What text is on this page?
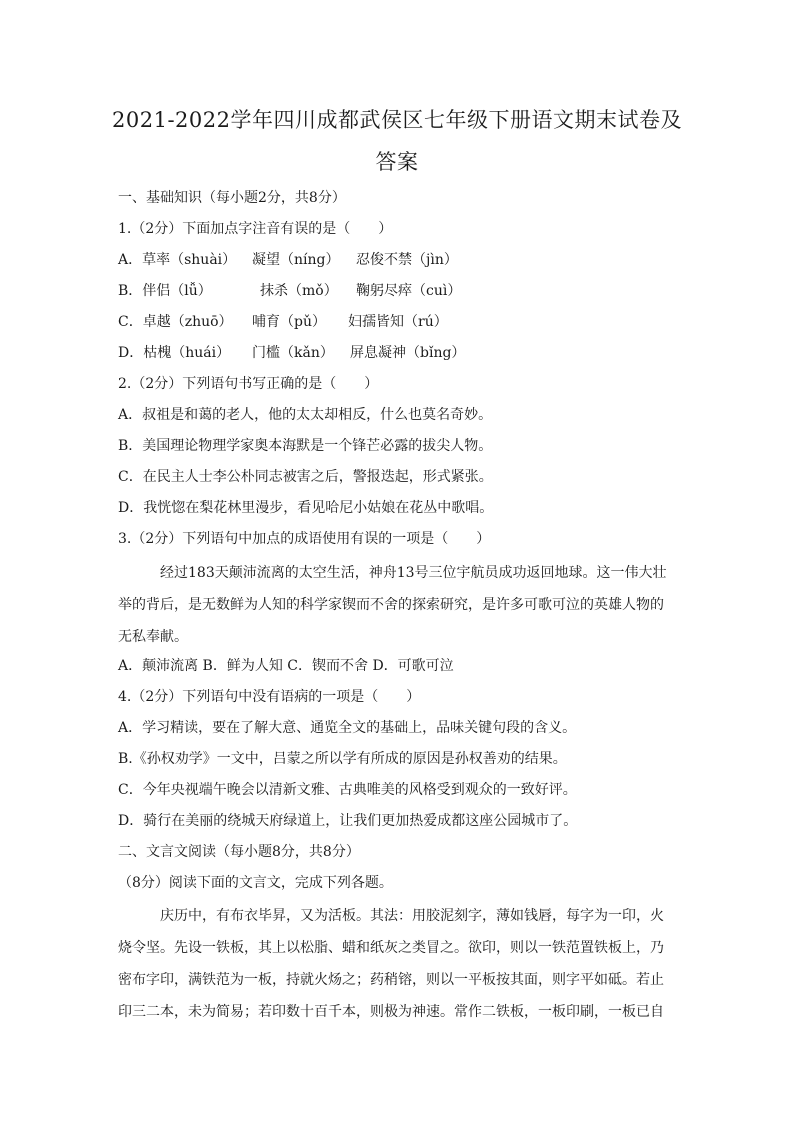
2021-2022学年四川成都武侯区七年级下册语文期末试卷及
答案
一、基础知识（每小题2分，共8分）
1.（2分）下面加点字注音有误的是（　　）
A．草率（shuài） 凝望（níng） 忍俊不禁（jìn）
B．伴侣（lǚ）	抹杀（mǒ） 鞠躬尽瘁（cuì）
C．卓越（zhuō） 哺育（pǔ） 妇孺皆知（rú）
D．枯槐（huái） 门槛（kǎn） 屏息凝神（bǐng）
2.（2分）下列语句书写正确的是（　　）
A．叔祖是和蔼的老人，他的太太却相反，什么也莫名奇妙。
B．美国理论物理学家奥本海默是一个锋芒必露的拔尖人物。
C．在民主人士李公朴同志被害之后，警报迭起，形式紧张。
D．我恍惚在梨花林里漫步，看见哈尼小姑娘在花丛中歌唱。
3.（2分）下列语句中加点的成语使用有误的一项是（　　）
经过183天颠沛流离的太空生活，神舟13号三位宇航员成功返回地球。这一伟大壮
举的背后，是无数鲜为人知的科学家锲而不舍的探索研究，是许多可歌可泣的英雄人物的
无私奉献。
A．颠沛流离 B．鲜为人知 C．锲而不舍 D．可歌可泣
4.（2分）下列语句中没有语病的一项是（　　）
A．学习精读，要在了解大意、通览全文的基础上，品味关键句段的含义。
B.《孙权劝学》一文中，吕蒙之所以学有所成的原因是孙权善劝的结果。
C．今年央视端午晚会以清新文雅、古典唯美的风格受到观众的一致好评。
D．骑行在美丽的绕城天府绿道上，让我们更加热爱成都这座公园城市了。
二、文言文阅读（每小题8分，共8分）
（8分）阅读下面的文言文，完成下列各题。
庆历中，有布衣毕昇，又为活板。其法：用胶泥刻字，薄如钱唇，每字为一印，火
烧令坚。先设一铁板，其上以松脂、蜡和纸灰之类冒之。欲印，则以一铁范置铁板上，乃
密布字印，满铁范为一板，持就火炀之；药稍镕，则以一平板按其面，则字平如砥。若止
印三二本，未为简易；若印数十百千本，则极为神速。常作二铁板，一板印刷，一板已自
